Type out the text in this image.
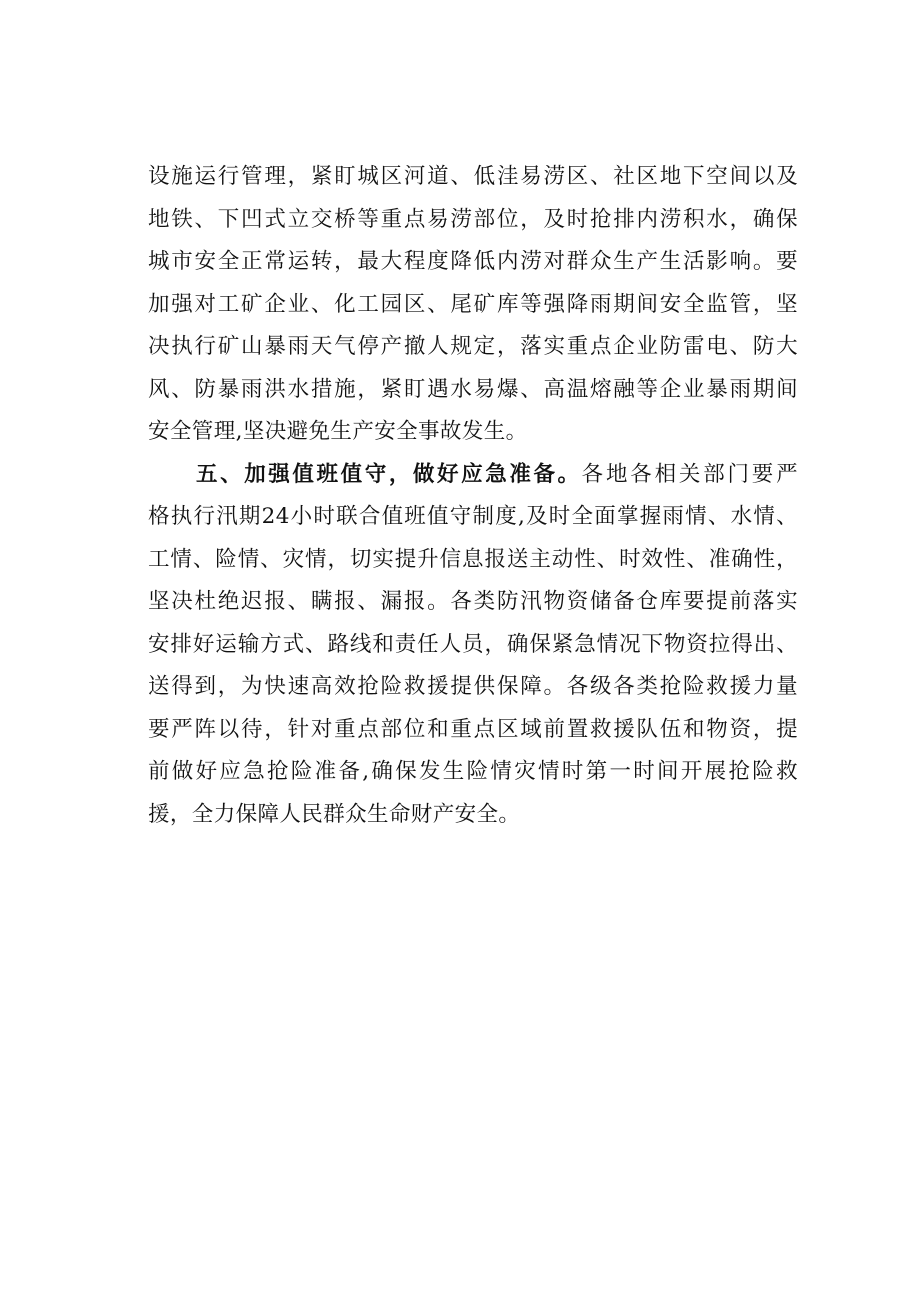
设施运行管理，紧盯城区河道、低洼易涝区、社区地下空间以及
地铁、下凹式立交桥等重点易涝部位，及时抢排内涝积水，确保
城市安全正常运转，最大程度降低内涝对群众生产生活影响。要
加强对工矿企业、化工园区、尾矿库等强降雨期间安全监管，坚
决执行矿山暴雨天气停产撤人规定，落实重点企业防雷电、防大
风、防暴雨洪水措施，紧盯遇水易爆、高温熔融等企业暴雨期间
安全管理,坚决避免生产安全事故发生。
五、加强值班值守，做好应急准备。各地各相关部门要严
格执行汛期24小时联合值班值守制度,及时全面掌握雨情、水情、
工情、险情、灾情，切实提升信息报送主动性、时效性、准确性，
坚决杜绝迟报、瞒报、漏报。各类防汛物资储备仓库要提前落实
安排好运输方式、路线和责任人员，确保紧急情况下物资拉得出、
送得到，为快速高效抢险救援提供保障。各级各类抢险救援力量
要严阵以待，针对重点部位和重点区域前置救援队伍和物资，提
前做好应急抢险准备,确保发生险情灾情时第一时间开展抢险救
援，全力保障人民群众生命财产安全。
